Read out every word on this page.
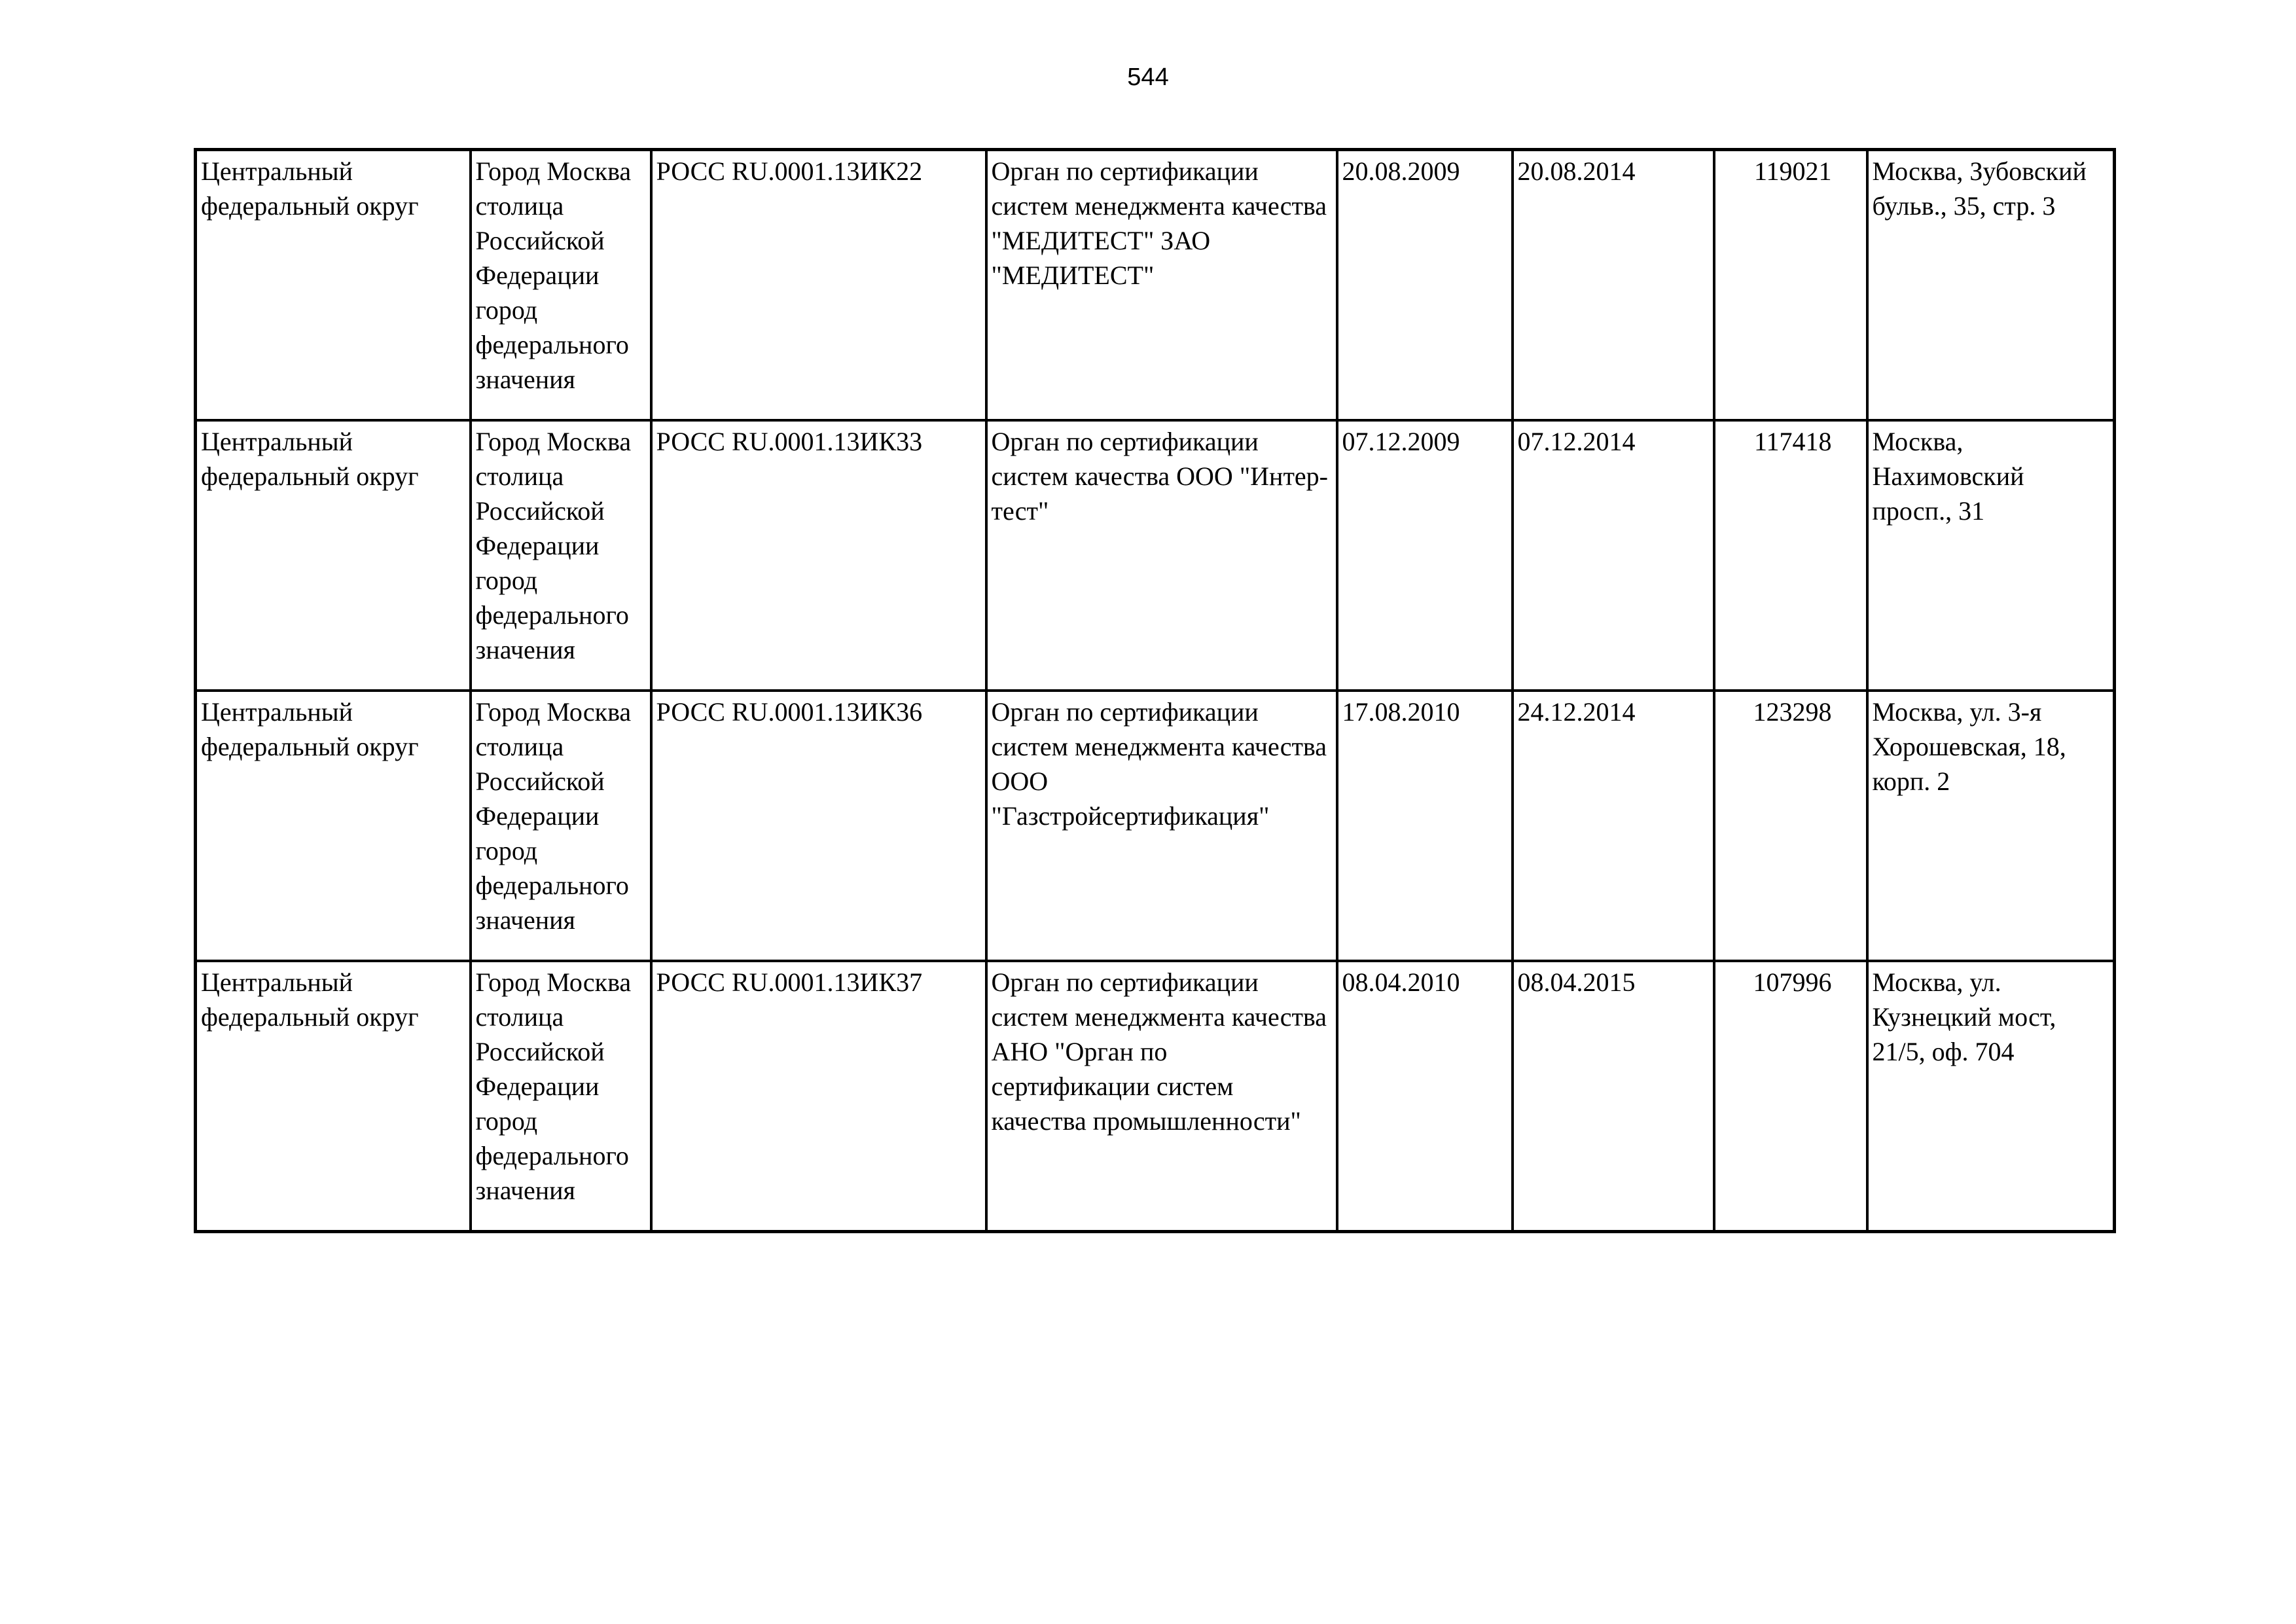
544
Центральный федеральный округ	Город Москва столица Российской Федерации город федерального значения	РОСС RU.0001.13ИК22	Орган по сертификации систем менеджмента качества "МЕДИТЕСТ" ЗАО "МЕДИТЕСТ"	20.08.2009	20.08.2014	119021	Москва, Зубовский бульв., 35, стр. 3

Центральный федеральный округ	Город Москва столица Российской Федерации город федерального значения	РОСС RU.0001.13ИК33	Орган по сертификации систем качества ООО "Интер-тест"	07.12.2009	07.12.2014	117418	Москва, Нахимовский просп., 31

Центральный федеральный округ	Город Москва столица Российской Федерации город федерального значения	РОСС RU.0001.13ИК36	Орган по сертификации систем менеджмента качества ООО "Газстройсертификация"	17.08.2010	24.12.2014	123298	Москва, ул. 3-я Хорошевская, 18, корп. 2

Центральный федеральный округ	Город Москва столица Российской Федерации город федерального значения	РОСС RU.0001.13ИК37	Орган по сертификации систем менеджмента качества АНО "Орган по сертификации систем качества промышленности"	08.04.2010	08.04.2015	107996	Москва, ул. Кузнецкий мост, 21/5, оф. 704
